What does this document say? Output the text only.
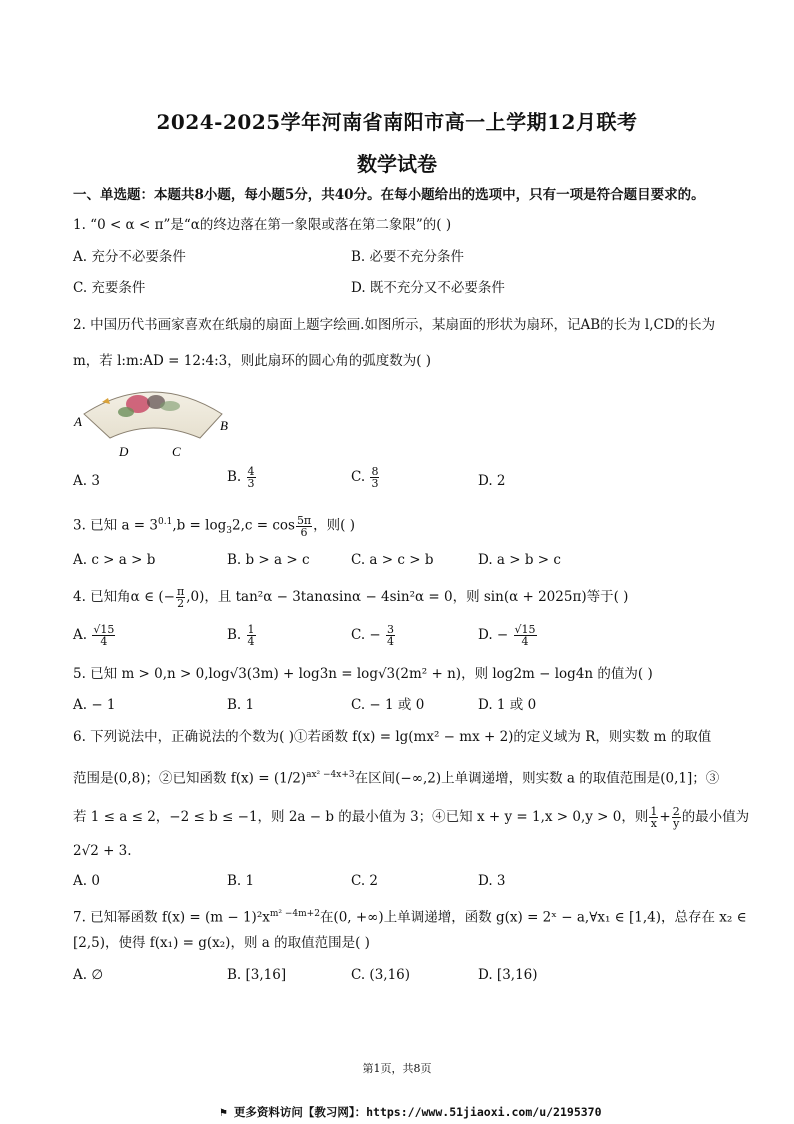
2024-2025学年河南省南阳市高一上学期12月联考
数学试卷
一、单选题：本题共8小题，每小题5分，共40分。在每小题给出的选项中，只有一项是符合题目要求的。
1. “0 < α < π”是“α的终边落在第一象限或落在第二象限”的( )
A. 充分不必要条件	B. 必要不充分条件
C. 充要条件	D. 既不充分又不必要条件
2. 中国历代书画家喜欢在纸扇的扇面上题字绘画.如图所示，某扇面的形状为扇环，记AB的长为 l,CD的长为
m，若 l:m:AD = 12:4:3，则此扇环的圆心角的弧度数为( )
A	B
D	C
A. 3	B. $\frac{4}{3}$	C. $\frac{8}{3}$	D. 2
3. 已知 $a = 3^{0.1},b = \log_32,c = \cos \frac{5\pi}{6}$ ，则( )
A. c > a > b	B. b > a > c	C. a > c > b	D. a > b > c
4. 已知角α ∈ (− $\frac{\pi}{2} ,0$)，且 tan²α − 3tanαsinα − 4sin²α = 0，则 sin(α + 2025π)等于( )
A. $\frac{√15}{4}$	B. $\frac{1}{4}$	C. − $\frac{3}{4}$	D. − $\frac{√15}{4}$
5. 已知 m > 0,n > 0,log√3(3m) + log3n = log√3(2m² + n)，则 log2m − log4n 的值为( )
A. − 1	B. 1	C. − 1 或 0	D. 1 或 0
6. 下列说法中，正确说法的个数为( )①若函数 f(x) = lg(mx² − mx + 2)的定义域为 R，则实数 m 的取值
范围是(0,8)；②已知函数 $f(x) = (1/2)^{ax^2 -4x+3}$在区间(−∞,2)上单调递增，则实数 a 的取值范围是(0,1]；③
若 1 ≤ a ≤ 2，−2 ≤ b ≤ −1，则 2a − b 的最小值为 3；④已知 x + y = 1,x > 0,y > 0，则 $\frac{1}{x} + \frac{2}{y}$ 的最小值为
2√2 + 3.
A. 0	B. 1	C. 2	D. 3
7. 已知幂函数 $f(x) = (m - 1)^2x^{m^2 -4m+2}$在(0, +∞)上单调递增，函数 g(x) = 2ˣ − a,∀x₁ ∈ [1,4)，总存在 x₂ ∈
[2,5)，使得 f(x₁) = g(x₂)，则 a 的取值范围是( )
A. ∅	B. [3,16]	C. (3,16)	D. [3,16)
第1页，共8页
⚑ 更多资料访问【教习网】：https://www.51jiaoxi.com/u/2195370
